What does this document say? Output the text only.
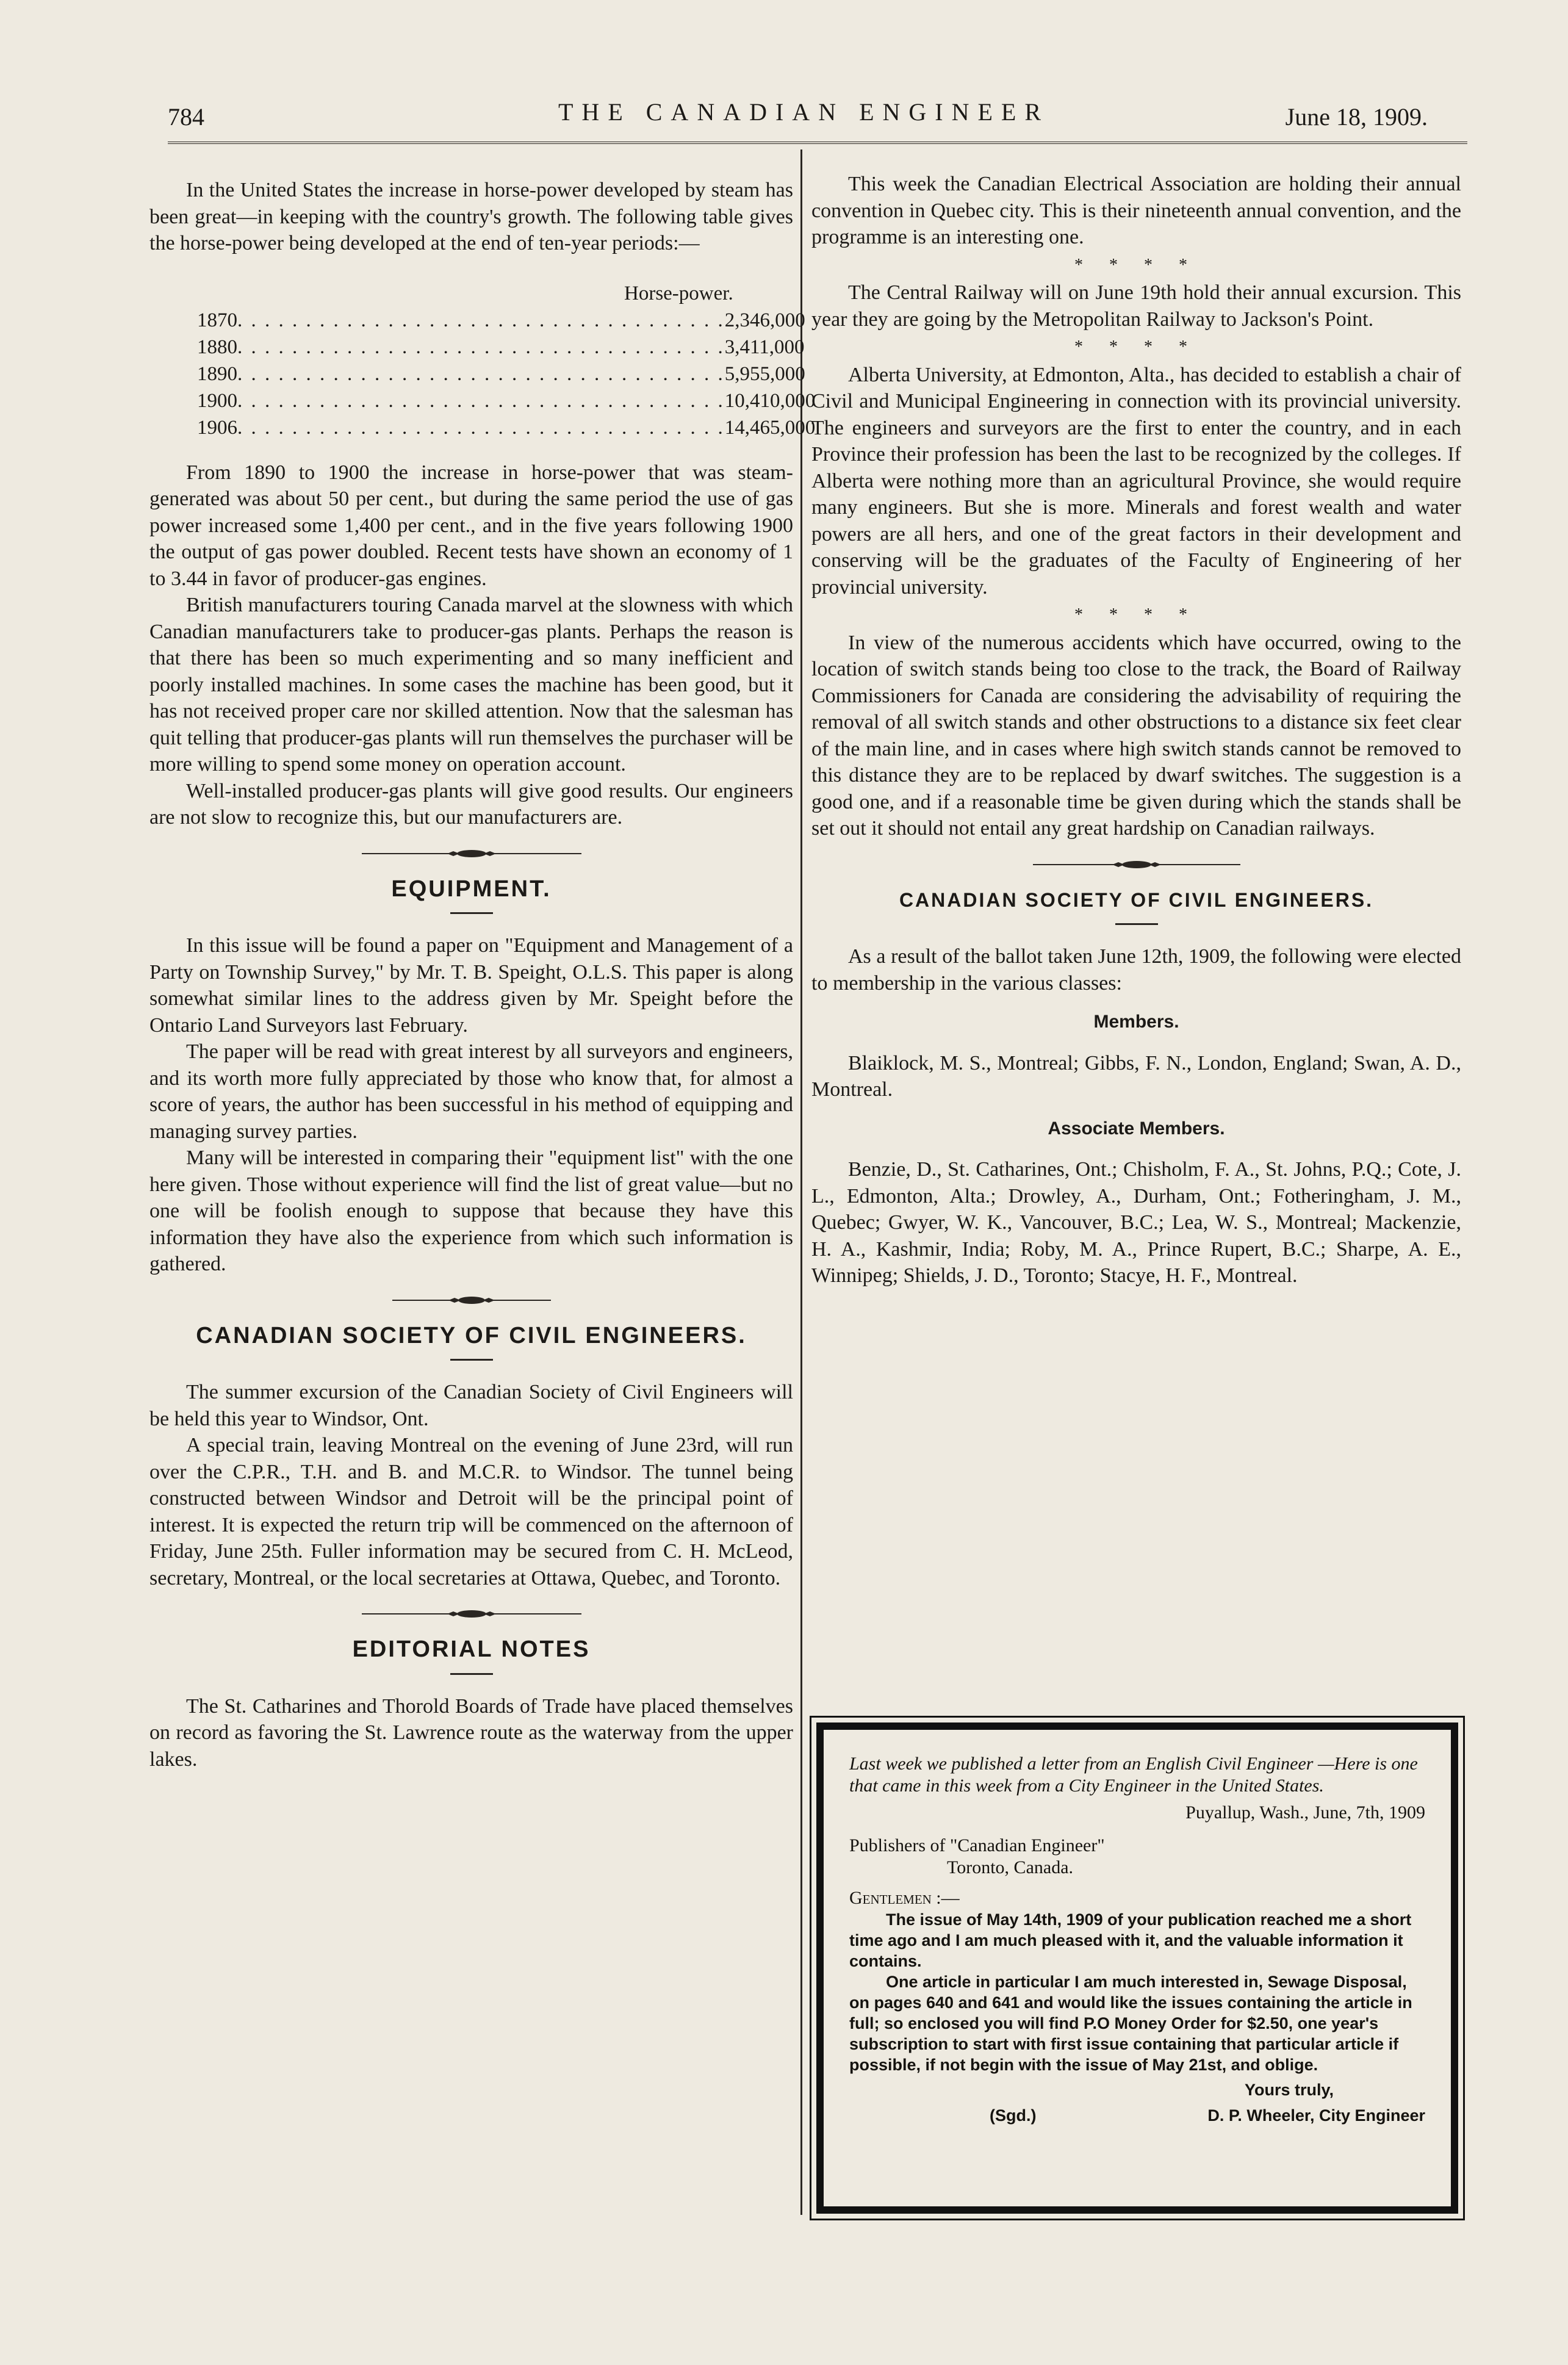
784	THE CANADIAN ENGINEER	June 18, 1909.

In the United States the increase in horse-power developed by steam has been great—in keeping with the country's growth. The following table gives the horse-power being developed at the end of ten-year periods:—

Horse-power.
1870 . . . . . . . . . . . . . . . . . . . . . . . . . . . . . . . . . . . . 2,346,000
1880 . . . . . . . . . . . . . . . . . . . . . . . . . . . . . . . . . . . . 3,411,000
1890 . . . . . . . . . . . . . . . . . . . . . . . . . . . . . . . . . . . . 5,955,000
1900 . . . . . . . . . . . . . . . . . . . . . . . . . . . . . . . . . . . . 10,410,000
1906 . . . . . . . . . . . . . . . . . . . . . . . . . . . . . . . . . . . . 14,465,000

From 1890 to 1900 the increase in horse-power that was steam-generated was about 50 per cent., but during the same period the use of gas power increased some 1,400 per cent., and in the five years following 1900 the output of gas power doubled. Recent tests have shown an economy of 1 to 3.44 in favor of producer-gas engines.

British manufacturers touring Canada marvel at the slowness with which Canadian manufacturers take to producer-gas plants. Perhaps the reason is that there has been so much experimenting and so many inefficient and poorly installed machines. In some cases the machine has been good, but it has not received proper care nor skilled attention. Now that the salesman has quit telling that producer-gas plants will run themselves the purchaser will be more willing to spend some money on operation account.

Well-installed producer-gas plants will give good results. Our engineers are not slow to recognize this, but our manufacturers are.

EQUIPMENT.

In this issue will be found a paper on "Equipment and Management of a Party on Township Survey," by Mr. T. B. Speight, O.L.S. This paper is along somewhat similar lines to the address given by Mr. Speight before the Ontario Land Surveyors last February.

The paper will be read with great interest by all surveyors and engineers, and its worth more fully appreciated by those who know that, for almost a score of years, the author has been successful in his method of equipping and managing survey parties.

Many will be interested in comparing their "equipment list" with the one here given. Those without experience will find the list of great value—but no one will be foolish enough to suppose that because they have this information they have also the experience from which such information is gathered.

CANADIAN SOCIETY OF CIVIL ENGINEERS.

The summer excursion of the Canadian Society of Civil Engineers will be held this year to Windsor, Ont.

A special train, leaving Montreal on the evening of June 23rd, will run over the C.P.R., T.H. and B. and M.C.R. to Windsor. The tunnel being constructed between Windsor and Detroit will be the principal point of interest. It is expected the return trip will be commenced on the afternoon of Friday, June 25th. Fuller information may be secured from C. H. McLeod, secretary, Montreal, or the local secretaries at Ottawa, Quebec, and Toronto.

EDITORIAL NOTES

The St. Catharines and Thorold Boards of Trade have placed themselves on record as favoring the St. Lawrence route as the waterway from the upper lakes.

This week the Canadian Electrical Association are holding their annual convention in Quebec city. This is their nineteenth annual convention, and the programme is an interesting one.

* * * *

The Central Railway will on June 19th hold their annual excursion. This year they are going by the Metropolitan Railway to Jackson's Point.

* * * *

Alberta University, at Edmonton, Alta., has decided to establish a chair of Civil and Municipal Engineering in connection with its provincial university. The engineers and surveyors are the first to enter the country, and in each Province their profession has been the last to be recognized by the colleges. If Alberta were nothing more than an agricultural Province, she would require many engineers. But she is more. Minerals and forest wealth and water powers are all hers, and one of the great factors in their development and conserving will be the graduates of the Faculty of Engineering of her provincial university.

* * * *

In view of the numerous accidents which have occurred, owing to the location of switch stands being too close to the track, the Board of Railway Commissioners for Canada are considering the advisability of requiring the removal of all switch stands and other obstructions to a distance six feet clear of the main line, and in cases where high switch stands cannot be removed to this distance they are to be replaced by dwarf switches. The suggestion is a good one, and if a reasonable time be given during which the stands shall be set out it should not entail any great hardship on Canadian railways.

CANADIAN SOCIETY OF CIVIL ENGINEERS.

As a result of the ballot taken June 12th, 1909, the following were elected to membership in the various classes:

Members.

Blaiklock, M. S., Montreal; Gibbs, F. N., London, England; Swan, A. D., Montreal.

Associate Members.

Benzie, D., St. Catharines, Ont.; Chisholm, F. A., St. Johns, P.Q.; Cote, J. L., Edmonton, Alta.; Drowley, A., Durham, Ont.; Fotheringham, J. M., Quebec; Gwyer, W. K., Vancouver, B.C.; Lea, W. S., Montreal; Mackenzie, H. A., Kashmir, India; Roby, M. A., Prince Rupert, B.C.; Sharpe, A. E., Winnipeg; Shields, J. D., Toronto; Stacye, H. F., Montreal.

Last week we published a letter from an English Civil Engineer —Here is one that came in this week from a City Engineer in the United States.
Puyallup, Wash., June, 7th, 1909
Publishers of "Canadian Engineer"
Toronto, Canada.
Gentlemen :—

The issue of May 14th, 1909 of your publication reached me a short time ago and I am much pleased with it, and the valuable information it contains.

One article in particular I am much interested in, Sewage Disposal, on pages 640 and 641 and would like the issues containing the article in full; so enclosed you will find P.O Money Order for $2.50, one year's subscription to start with first issue containing that particular article if possible, if not begin with the issue of May 21st, and oblige.

Yours truly,
(Sgd.)	D. P. Wheeler, City Engineer
